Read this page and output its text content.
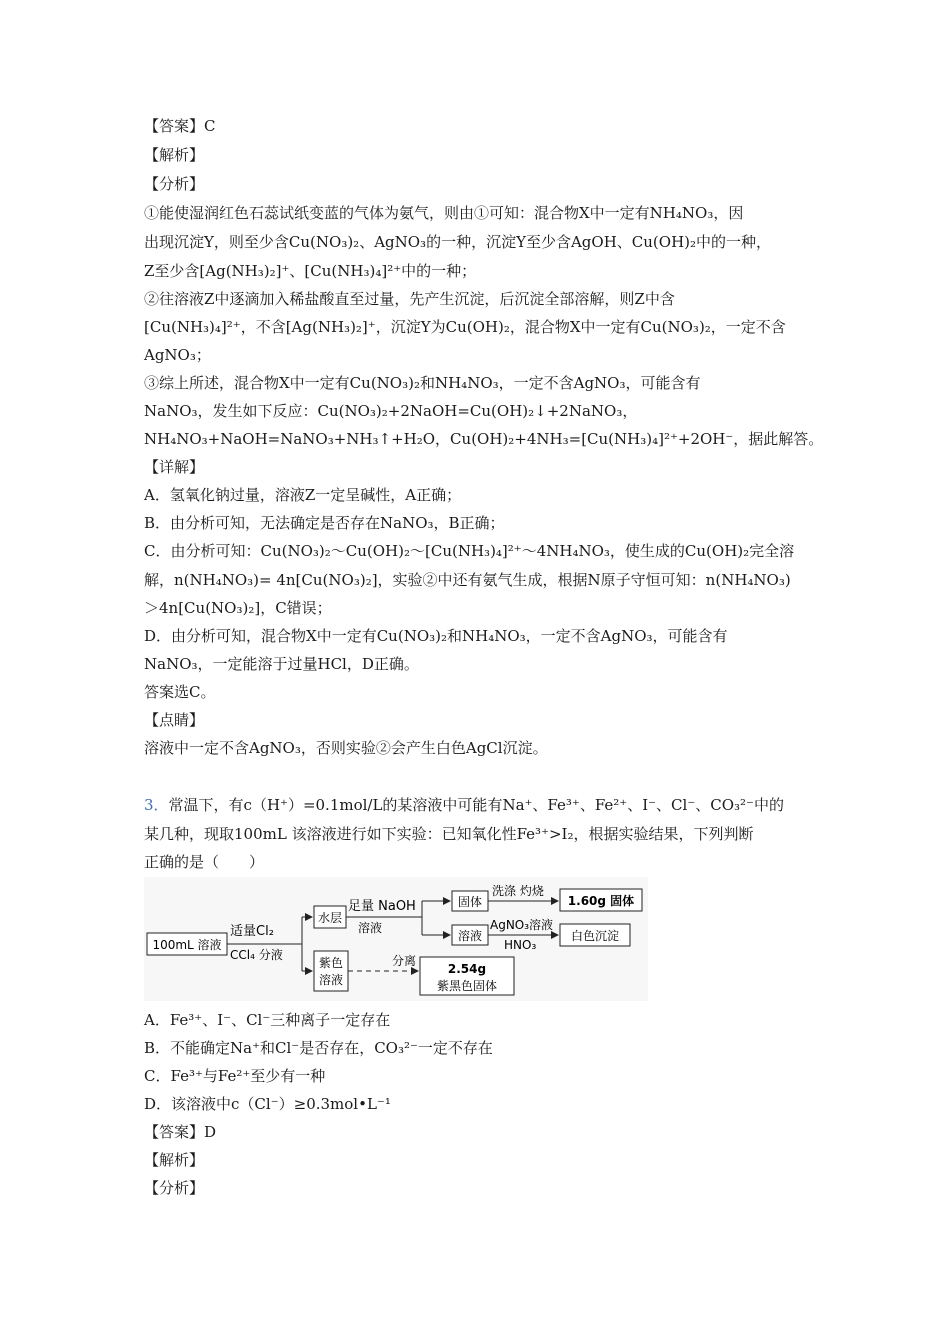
【答案】C
【解析】
【分析】
①能使湿润红色石蕊试纸变蓝的气体为氨气，则由①可知：混合物X中一定有NH₄NO₃，因
出现沉淀Y，则至少含Cu(NO₃)₂、AgNO₃的一种，沉淀Y至少含AgOH、Cu(OH)₂中的一种，
Z至少含[Ag(NH₃)₂]⁺、[Cu(NH₃)₄]²⁺中的一种；
②往溶液Z中逐滴加入稀盐酸直至过量，先产生沉淀，后沉淀全部溶解，则Z中含
[Cu(NH₃)₄]²⁺，不含[Ag(NH₃)₂]⁺，沉淀Y为Cu(OH)₂，混合物X中一定有Cu(NO₃)₂，一定不含
AgNO₃；
③综上所述，混合物X中一定有Cu(NO₃)₂和NH₄NO₃，一定不含AgNO₃，可能含有
NaNO₃，发生如下反应：Cu(NO₃)₂+2NaOH=Cu(OH)₂↓+2NaNO₃，
NH₄NO₃+NaOH=NaNO₃+NH₃↑+H₂O，Cu(OH)₂+4NH₃=[Cu(NH₃)₄]²⁺+2OH⁻，据此解答。
【详解】
A．氢氧化钠过量，溶液Z一定呈碱性，A正确；
B．由分析可知，无法确定是否存在NaNO₃，B正确；
C．由分析可知：Cu(NO₃)₂～Cu(OH)₂～[Cu(NH₃)₄]²⁺～4NH₄NO₃，使生成的Cu(OH)₂完全溶
解，n(NH₄NO₃)= 4n[Cu(NO₃)₂]，实验②中还有氨气生成，根据N原子守恒可知：n(NH₄NO₃)
＞4n[Cu(NO₃)₂]，C错误；
D．由分析可知，混合物X中一定有Cu(NO₃)₂和NH₄NO₃，一定不含AgNO₃，可能含有
NaNO₃，一定能溶于过量HCl，D正确。
答案选C。
【点睛】
溶液中一定不含AgNO₃，否则实验②会产生白色AgCl沉淀。
3．常温下，有c（H⁺）=0.1mol/L的某溶液中可能有Na⁺、Fe³⁺、Fe²⁺、I⁻、Cl⁻、CO₃²⁻中的
某几种，现取100mL 该溶液进行如下实验：已知氧化性Fe³⁺>I₂，根据实验结果，下列判断
正确的是（　　）
100mL 溶液
适量Cl₂
CCl₄ 分液
水层
紫色
溶液
足量 NaOH
溶液
固体
溶液
洗涤 灼烧
1.60g 固体
AgNO₃溶液
HNO₃
白色沉淀
分离
2.54g
紫黑色固体
A．Fe³⁺、I⁻、Cl⁻三种离子一定存在
B．不能确定Na⁺和Cl⁻是否存在，CO₃²⁻一定不存在
C．Fe³⁺与Fe²⁺至少有一种
D．该溶液中c（Cl⁻）≥0.3mol•L⁻¹
【答案】D
【解析】
【分析】
